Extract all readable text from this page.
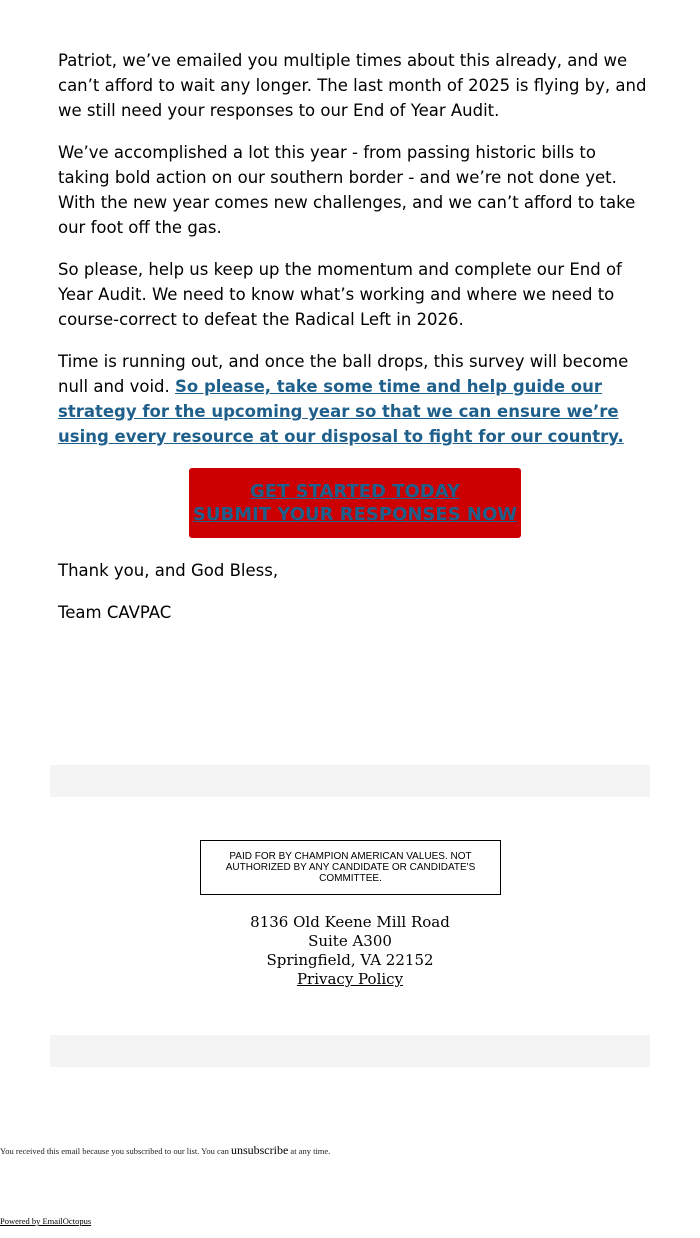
Patriot, we’ve emailed you multiple times about this already, and we can’t afford to wait any longer. The last month of 2025 is flying by, and we still need your responses to our End of Year Audit.

We’ve accomplished a lot this year - from passing historic bills to taking bold action on our southern border - and we’re not done yet. With the new year comes new challenges, and we can’t afford to take our foot off the gas.

So please, help us keep up the momentum and complete our End of Year Audit. We need to know what’s working and where we need to course-correct to defeat the Radical Left in 2026.

Time is running out, and once the ball drops, this survey will become null and void. So please, take some time and help guide our strategy for the upcoming year so that we can ensure we’re using every resource at our disposal to fight for our country.

GET STARTED TODAY
SUBMIT YOUR RESPONSES NOW

Thank you, and God Bless,

Team CAVPAC

PAID FOR BY CHAMPION AMERICAN VALUES. NOT AUTHORIZED BY ANY CANDIDATE OR CANDIDATE'S COMMITTEE.
8136 Old Keene Mill Road
Suite A300
Springfield, VA 22152
Privacy Policy
You received this email because you subscribed to our list. You can unsubscribe at any time.
Powered by EmailOctopus
